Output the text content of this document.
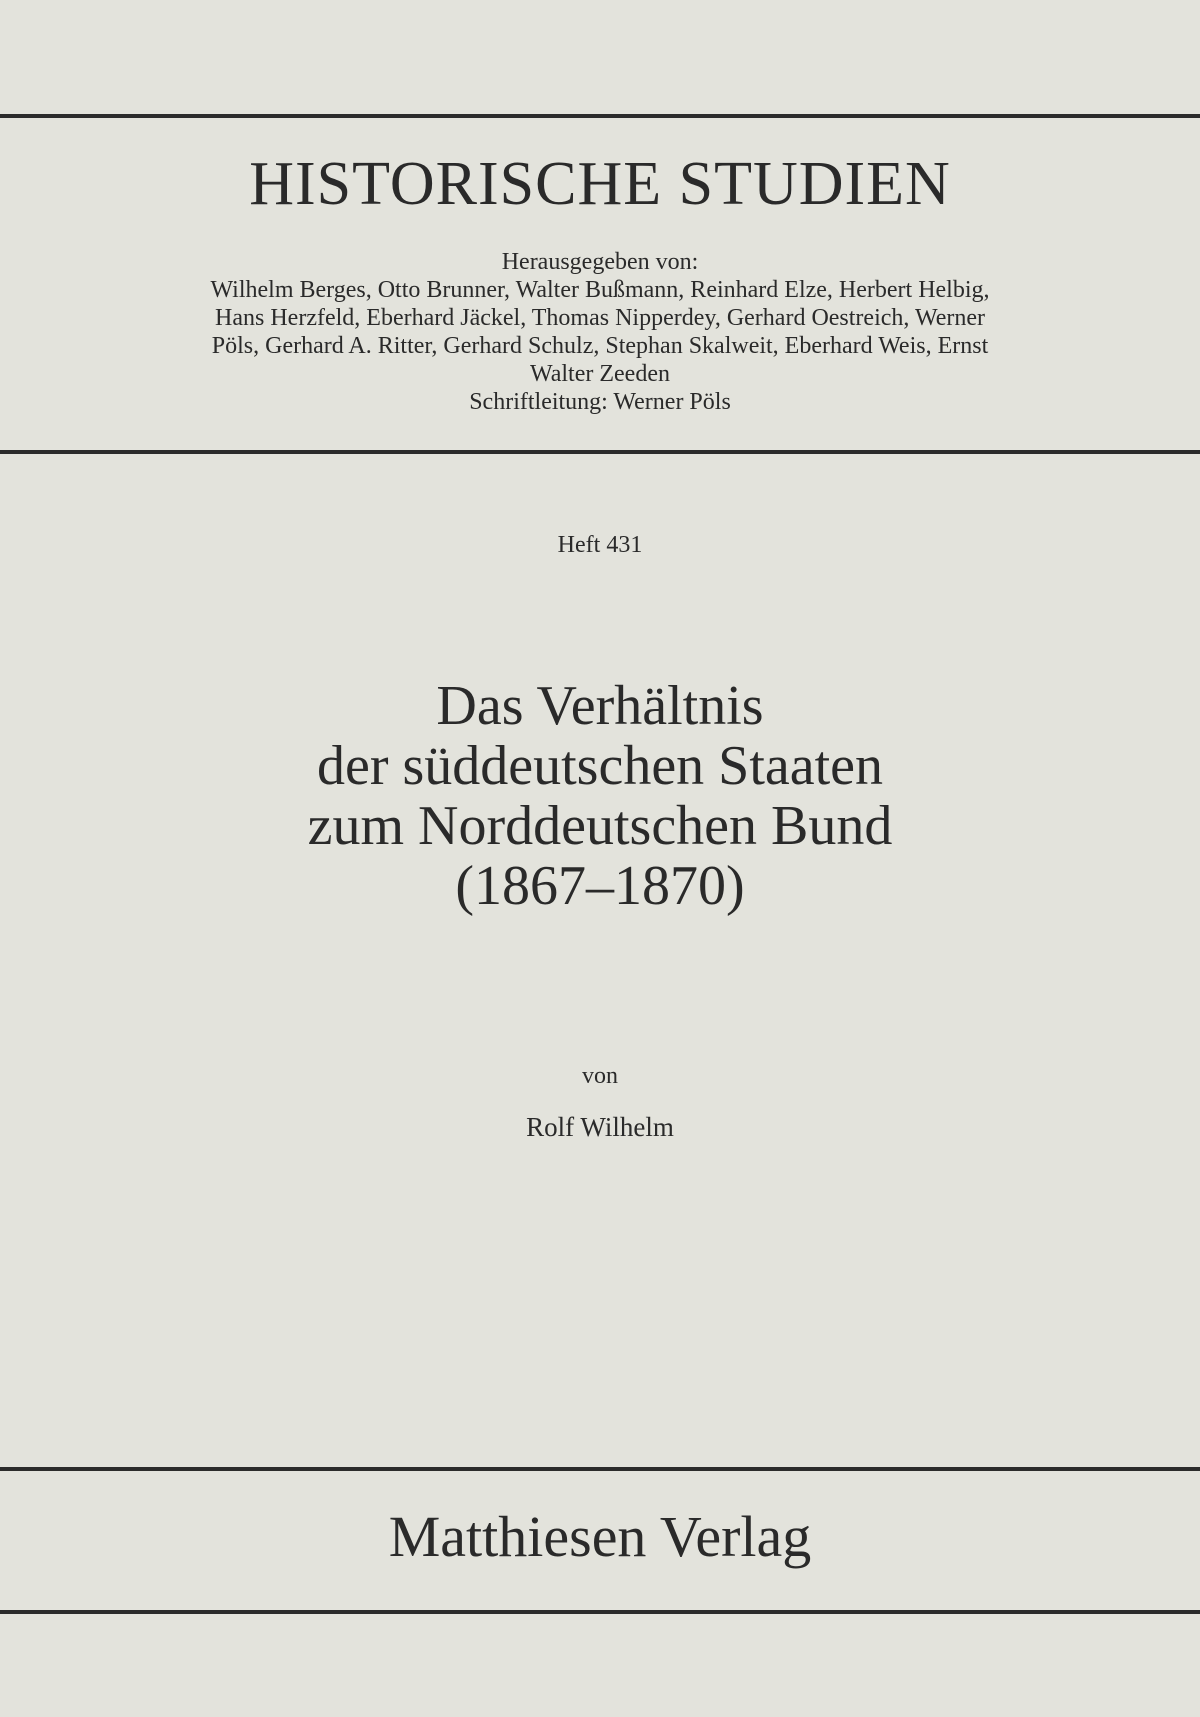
HISTORISCHE STUDIEN
Herausgegeben von:
Wilhelm Berges, Otto Brunner, Walter Bußmann, Reinhard Elze, Herbert Helbig,
Hans Herzfeld, Eberhard Jäckel, Thomas Nipperdey, Gerhard Oestreich, Werner
Pöls, Gerhard A. Ritter, Gerhard Schulz, Stephan Skalweit, Eberhard Weis, Ernst
Walter Zeeden
Schriftleitung: Werner Pöls
Heft 431
Das Verhältnis
der süddeutschen Staaten
zum Norddeutschen Bund
(1867–1870)
von
Rolf Wilhelm
Matthiesen Verlag
